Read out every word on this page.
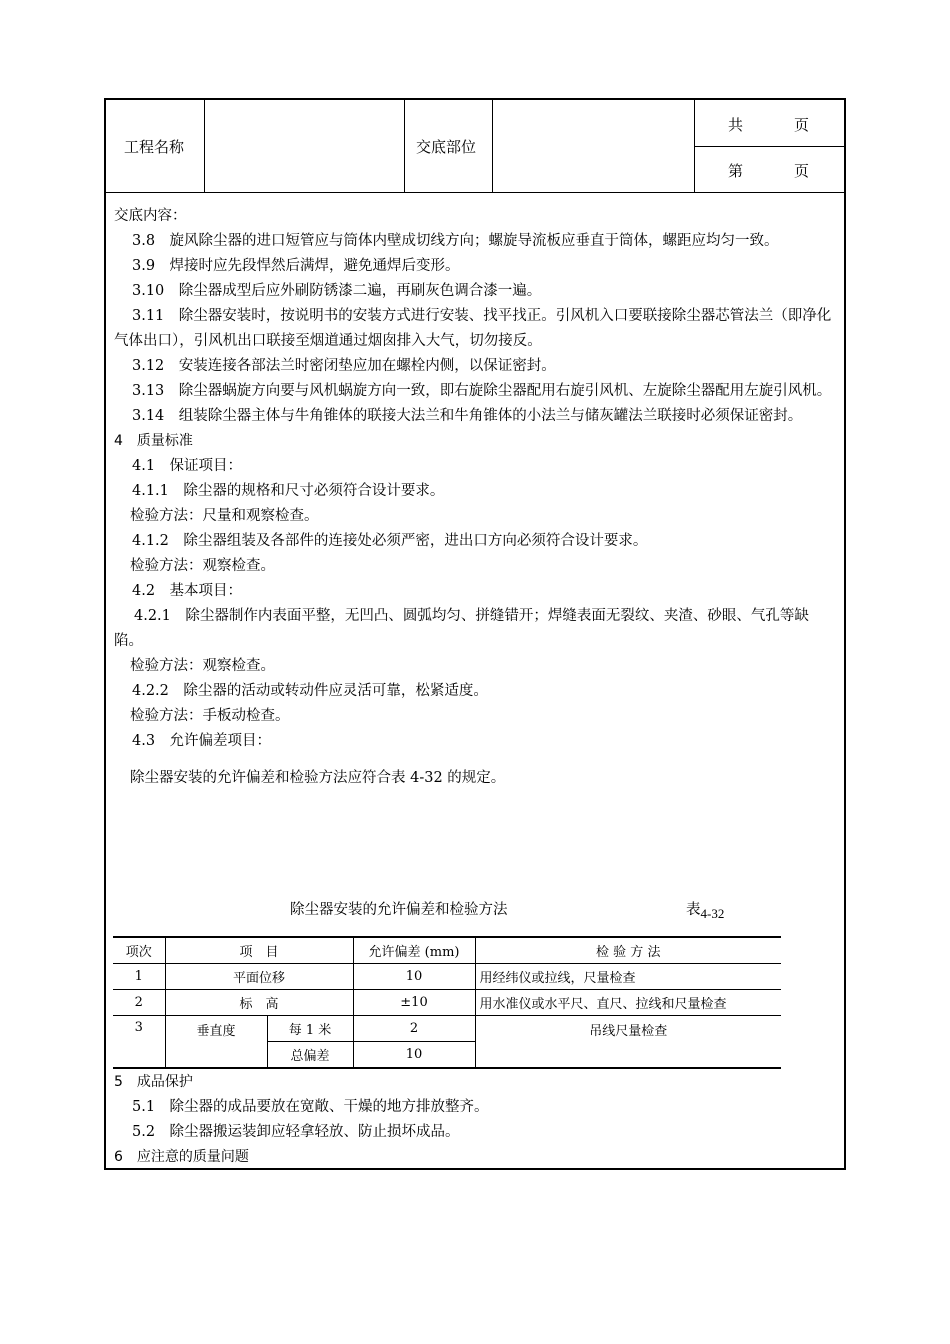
工程名称	交底部位
共	页
第	页

交底内容：

3.8　旋风除尘器的进口短管应与筒体内壁成切线方向；螺旋导流板应垂直于筒体，螺距应均匀一致。

3.9　焊接时应先段悍然后满焊，避免通焊后变形。

3.10　除尘器成型后应外刷防锈漆二遍，再刷灰色调合漆一遍。

3.11　除尘器安装时，按说明书的安装方式进行安装、找平找正。引风机入口要联接除尘器芯管法兰（即净化气体出口），引风机出口联接至烟道通过烟囱排入大气，切勿接反。

3.12　安装连接各部法兰时密闭垫应加在螺栓内侧，以保证密封。

3.13　除尘器蜗旋方向要与风机蜗旋方向一致，即右旋除尘器配用右旋引风机、左旋除尘器配用左旋引风机。

3.14　组装除尘器主体与牛角锥体的联接大法兰和牛角锥体的小法兰与储灰罐法兰联接时必须保证密封。

4　质量标准

4.1　保证项目：

4.1.1　除尘器的规格和尺寸必须符合设计要求。

检验方法：尺量和观察检查。

4.1.2　除尘器组装及各部件的连接处必须严密，进出口方向必须符合设计要求。

检验方法：观察检查。

4.2　基本项目：

4.2.1　除尘器制作内表面平整，无凹凸、圆弧均匀、拼缝错开；焊缝表面无裂纹、夹渣、砂眼、气孔等缺陷。

检验方法：观察检查。

4.2.2　除尘器的活动或转动件应灵活可靠，松紧适度。

检验方法：手板动检查。

4.3　允许偏差项目：

除尘器安装的允许偏差和检验方法应符合表 4-32 的规定。

除尘器安装的允许偏差和检验方法	表4-32
项次	项　目		允许偏差 (mm)	检 验 方 法
1	平面位移		10	用经纬仪或拉线，尺量检查
2	标　高		±10	用水准仪或水平尺、直尺、拉线和尺量检查
3	垂直度	每 1 米	2	吊线尺量检查
		总偏差	10	

5　成品保护

5.1　除尘器的成品要放在宽敞、干燥的地方排放整齐。

5.2　除尘器搬运装卸应轻拿轻放、防止损坏成品。

6　应注意的质量问题
